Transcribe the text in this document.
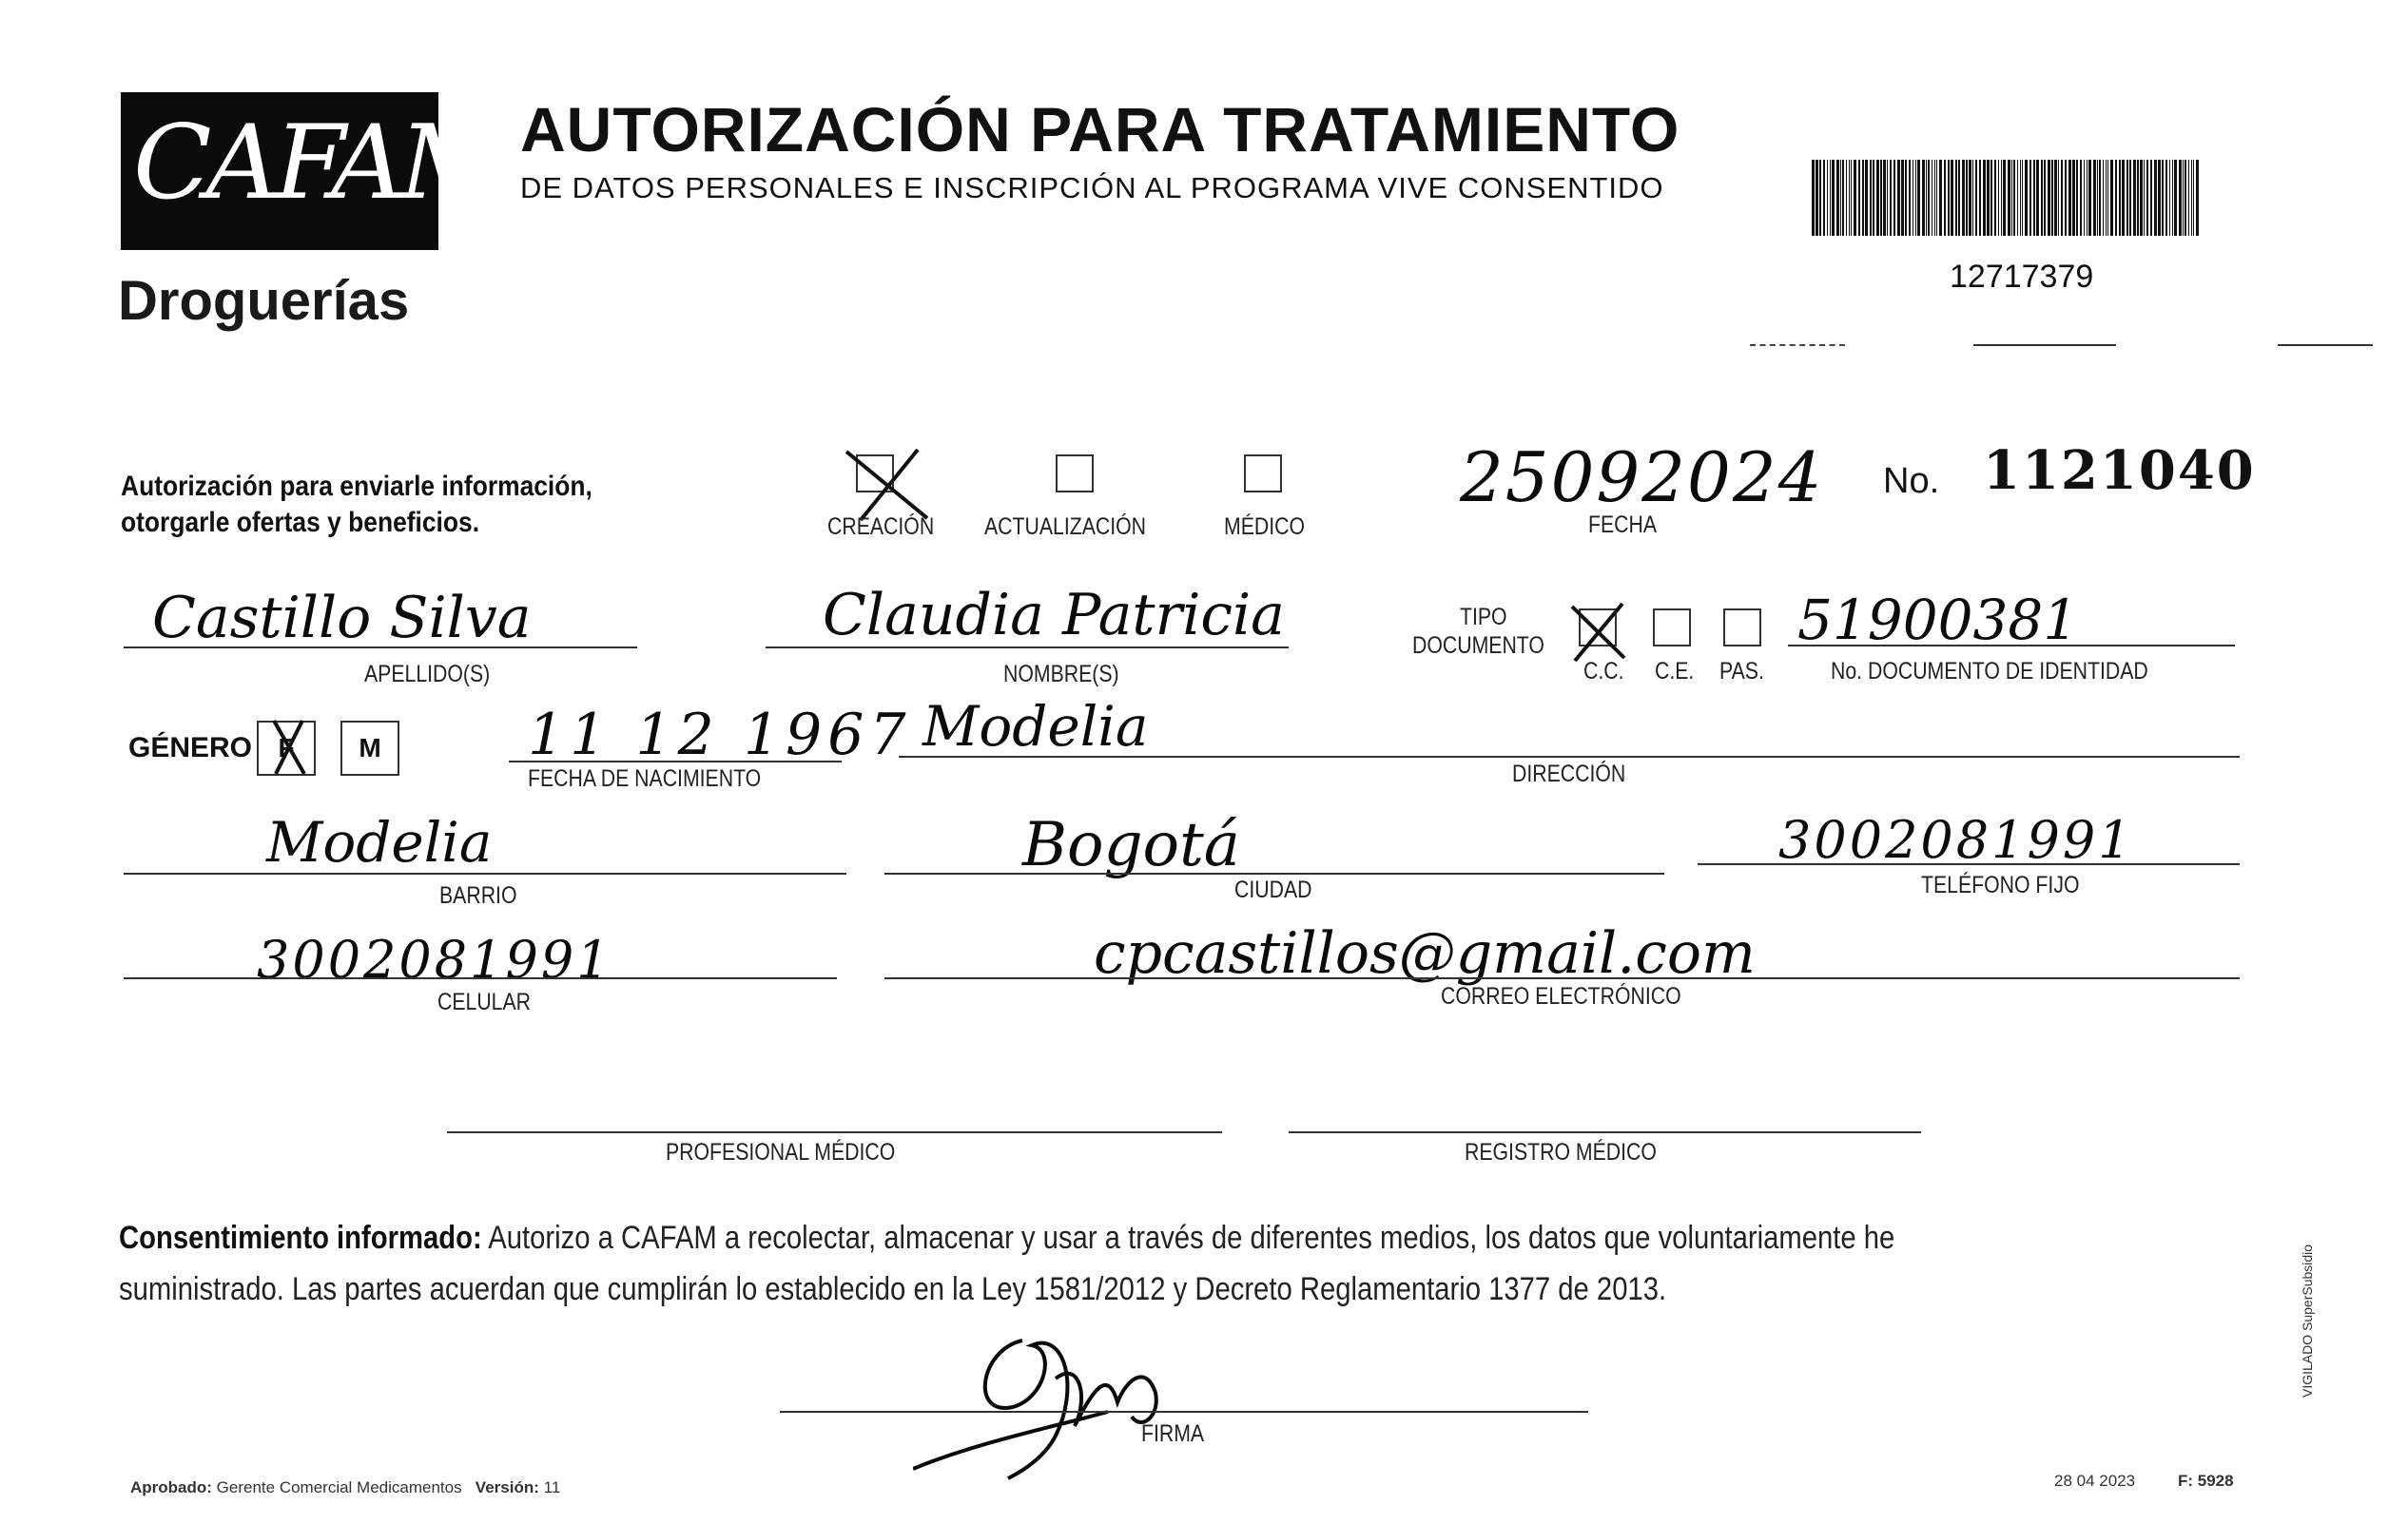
CAFAM
Droguerías
AUTORIZACIÓN PARA TRATAMIENTO
DE DATOS PERSONALES E INSCRIPCIÓN AL PROGRAMA VIVE CONSENTIDO
12717379
Autorización para enviarle información,
otorgarle ofertas y beneficios.	CREACIÓN ACTUALIZACIÓN	MÉDICO
25092024
FECHA
No. 1121040
Castillo Silva
APELLIDO(S)
Claudia Patricia
NOMBRE(S)
TIPO
DOCUMENTO
C.C. C.E. PAS.
51900381
No. DOCUMENTO DE IDENTIDAD
GÉNERO F	M	11 12 1967
FECHA DE NACIMIENTO
Modelia
DIRECCIÓN
Modelia
BARRIO
Bogotá
CIUDAD
3002081991
TELÉFONO FIJO
3002081991
CELULAR
cpcastillos@gmail.com
CORREO ELECTRÓNICO
PROFESIONAL MÉDICO	REGISTRO MÉDICO
Consentimiento informado: Autorizo a CAFAM a recolectar, almacenar y usar a través de diferentes medios, los datos que voluntariamente he suministrado. Las partes acuerdan que cumplirán lo establecido en la Ley 1581/2012 y Decreto Reglamentario 1377 de 2013.
FIRMA
Aprobado: Gerente Comercial Medicamentos Versión: 11	28 04 2023	F: 5928
VIGILADO SuperSubsidio
